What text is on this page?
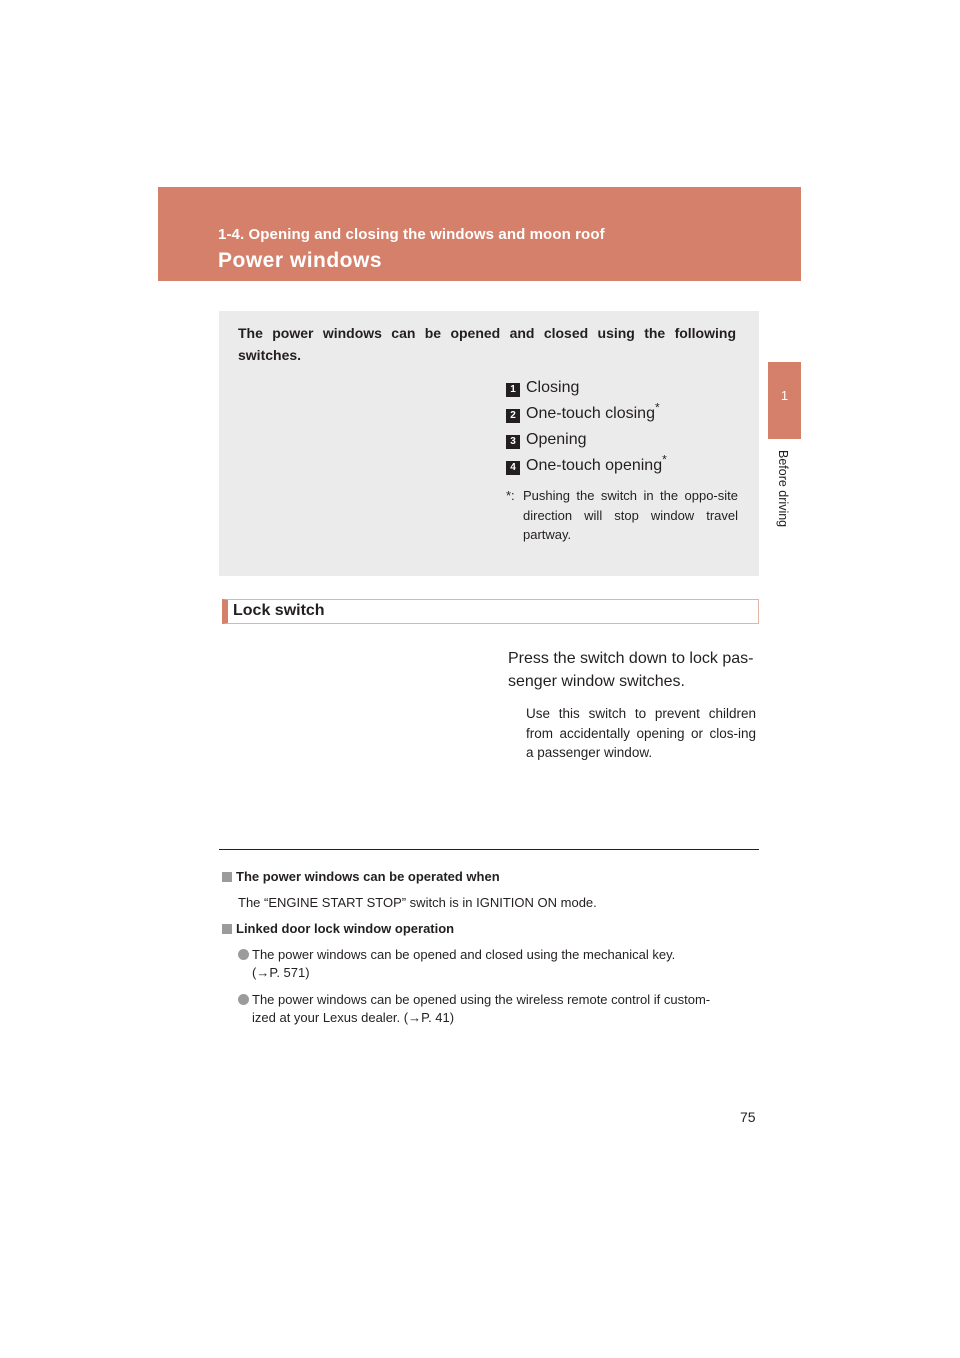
1-4. Opening and closing the windows and moon roof
Power windows
1
Before driving
The power windows can be opened and closed using the following switches.
1 Closing
2 One-touch closing*
3 Opening
4 One-touch opening*
*: Pushing the switch in the oppo-site direction will stop window travel partway.
Lock switch
Press the switch down to lock pas-senger window switches.
Use this switch to prevent children from accidentally opening or clos-ing a passenger window.
The power windows can be operated when
The “ENGINE START STOP” switch is in IGNITION ON mode.
Linked door lock window operation
The power windows can be opened and closed using the mechanical key.
(→P. 571)
The power windows can be opened using the wireless remote control if custom-
ized at your Lexus dealer. (→P. 41)
75
